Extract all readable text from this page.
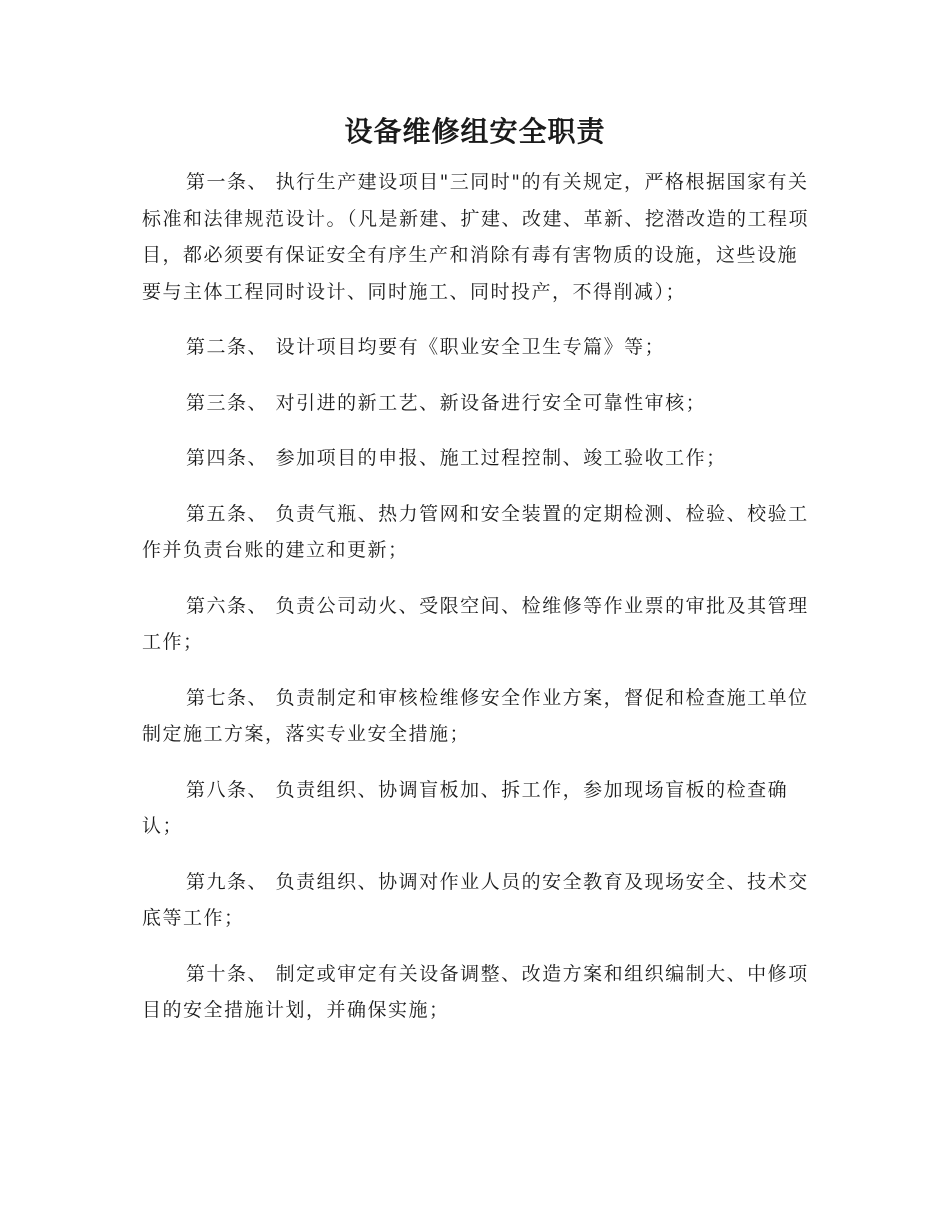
设备维修组安全职责

第一条、 执行生产建设项目"三同时"的有关规定，严格根据国家有关标准和法律规范设计。（凡是新建、扩建、改建、革新、挖潜改造的工程项目，都必须要有保证安全有序生产和消除有毒有害物质的设施，这些设施要与主体工程同时设计、同时施工、同时投产，不得削减）；

第二条、 设计项目均要有《职业安全卫生专篇》等；

第三条、 对引进的新工艺、新设备进行安全可靠性审核；

第四条、 参加项目的申报、施工过程控制、竣工验收工作；

第五条、 负责气瓶、热力管网和安全装置的定期检测、检验、校验工作并负责台账的建立和更新；

第六条、 负责公司动火、受限空间、检维修等作业票的审批及其管理工作；

第七条、 负责制定和审核检维修安全作业方案，督促和检查施工单位制定施工方案，落实专业安全措施；

第八条、 负责组织、协调盲板加、拆工作，参加现场盲板的检查确认；

第九条、 负责组织、协调对作业人员的安全教育及现场安全、技术交底等工作；

第十条、 制定或审定有关设备调整、改造方案和组织编制大、中修项目的安全措施计划，并确保实施；
